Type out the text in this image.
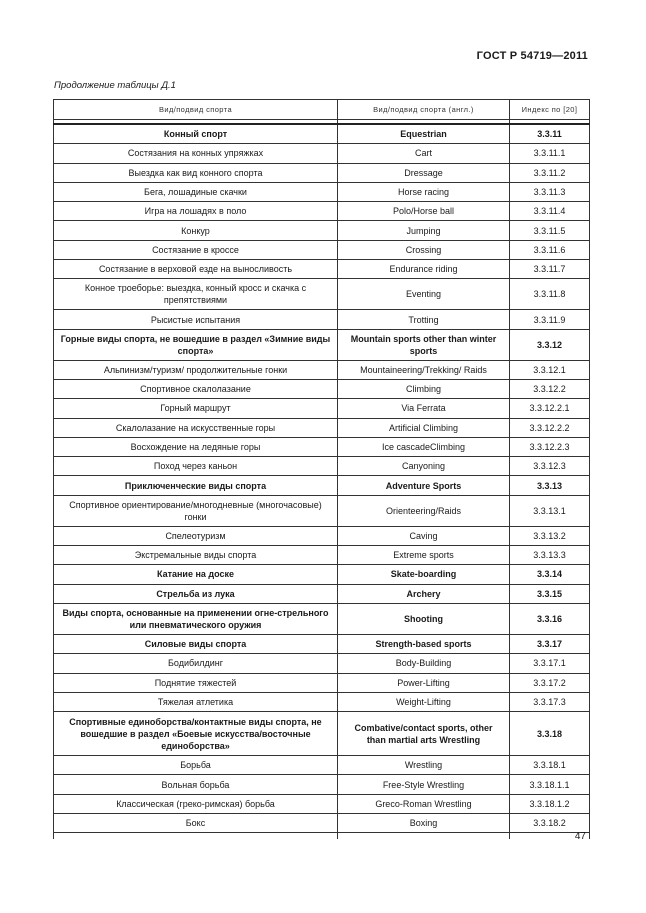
ГОСТ Р 54719—2011
Продолжение таблицы Д.1
Вид/подвид спорта	Вид/подвид спорта (англ.)	Индекс по [20]

Конный спорт	Equestrian	3.3.11
Состязания на конных упряжках	Cart	3.3.11.1
Выездка как вид конного спорта	Dressage	3.3.11.2
Бега, лошадиные скачки	Horse racing	3.3.11.3
Игра на лошадях в поло	Polo/Horse ball	3.3.11.4
Конкур	Jumping	3.3.11.5
Состязание в кроссе	Crossing	3.3.11.6
Состязание в верховой езде на выносливость	Endurance riding	3.3.11.7
Конное троеборье: выездка, конный кросс и скачка с препятствиями	Eventing	3.3.11.8
Рысистые испытания	Trotting	3.3.11.9
Горные виды спорта, не вошедшие в раздел «Зимние виды спорта»	Mountain sports other than winter sports	3.3.12
Альпинизм/туризм/ продолжительные гонки	Mountaineering/Trekking/ Raids	3.3.12.1
Спортивное скалолазание	Climbing	3.3.12.2
Горный маршрут	Via Ferrata	3.3.12.2.1
Скалолазание на искусственные горы	Artificial Climbing	3.3.12.2.2
Восхождение на ледяные горы	Ice cascadeClimbing	3.3.12.2.3
Поход через каньон	Canyoning	3.3.12.3
Приключенческие виды спорта	Adventure Sports	3.3.13
Спортивное ориентирование/многодневные (многочасовые) гонки	Orienteering/Raids	3.3.13.1
Спелеотуризм	Caving	3.3.13.2
Экстремальные виды спорта	Extreme sports	3.3.13.3
Катание на доске	Skate-boarding	3.3.14
Стрельба из лука	Archery	3.3.15
Виды спорта, основанные на применении огне-стрельного или пневматического оружия	Shooting	3.3.16
Силовые виды спорта	Strength-based sports	3.3.17
Бодибилдинг	Body-Building	3.3.17.1
Поднятие тяжестей	Power-Lifting	3.3.17.2
Тяжелая атлетика	Weight-Lifting	3.3.17.3
Спортивные единоборства/контактные виды спорта, не вошедшие в раздел «Боевые искусства/восточные единоборства»	Combative/contact sports, other than martial arts Wrestling	3.3.18
Борьба	Wrestling	3.3.18.1
Вольная борьба	Free-Style Wrestling	3.3.18.1.1
Классическая (греко-римская) борьба	Greco-Roman Wrestling	3.3.18.1.2
Бокс	Boxing	3.3.18.2

47
